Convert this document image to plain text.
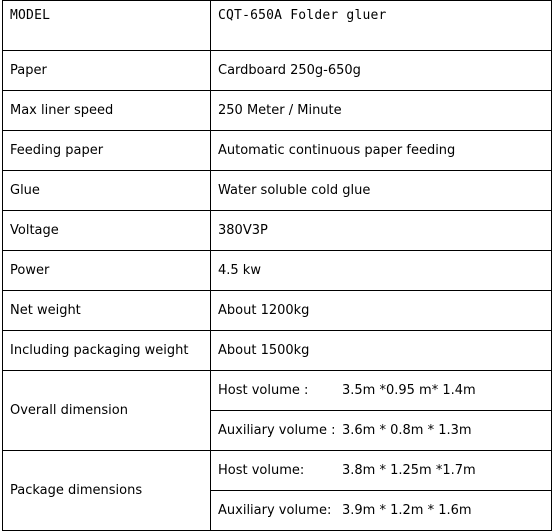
MODEL	CQT-650A Folder gluer
Paper	Cardboard 250g-650g
Max liner speed	250 Meter / Minute
Feeding paper	Automatic continuous paper feeding
Glue	Water soluble cold glue
Voltage	380V3P
Power	4.5 kw
Net weight	About 1200kg
Including packaging weight	About 1500kg
Overall dimension	Host volume : 3.5m *0.95 m* 1.4m
	Auxiliary volume : 3.6m * 0.8m * 1.3m
Package dimensions	Host volume: 3.8m * 1.25m *1.7m
	Auxiliary volume: 3.9m * 1.2m * 1.6m
